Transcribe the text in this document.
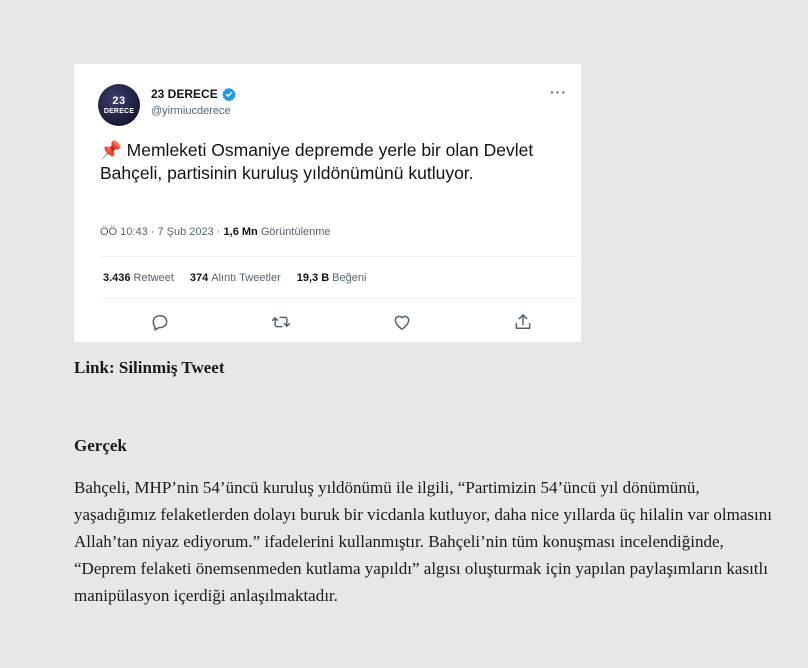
23
DERECE
23 DERECE
@yirmiucderece
···
📌 Memleketi Osmaniye depremde yerle bir olan Devlet Bahçeli, partisinin kuruluş yıldönümünü kutluyor.
ÖÖ 10:43 · 7 Şub 2023 · 1,6 Mn Görüntülenme
3.436 Retweet 374 Alıntı Tweetler 19,3 B Beğeni
Link: Silinmiş Tweet
Gerçek
Bahçeli, MHP’nin 54’üncü kuruluş yıldönümü ile ilgili, “Partimizin 54’üncü yıl dönümünü, yaşadığımız felaketlerden dolayı buruk bir vicdanla kutluyor, daha nice yıllarda üç hilalin var olmasını Allah’tan niyaz ediyorum.” ifadelerini kullanmıştır. Bahçeli’nin tüm konuşması incelendiğinde, “Deprem felaketi önemsenmeden kutlama yapıldı” algısı oluşturmak için yapılan paylaşımların kasıtlı manipülasyon içerdiği anlaşılmaktadır.
